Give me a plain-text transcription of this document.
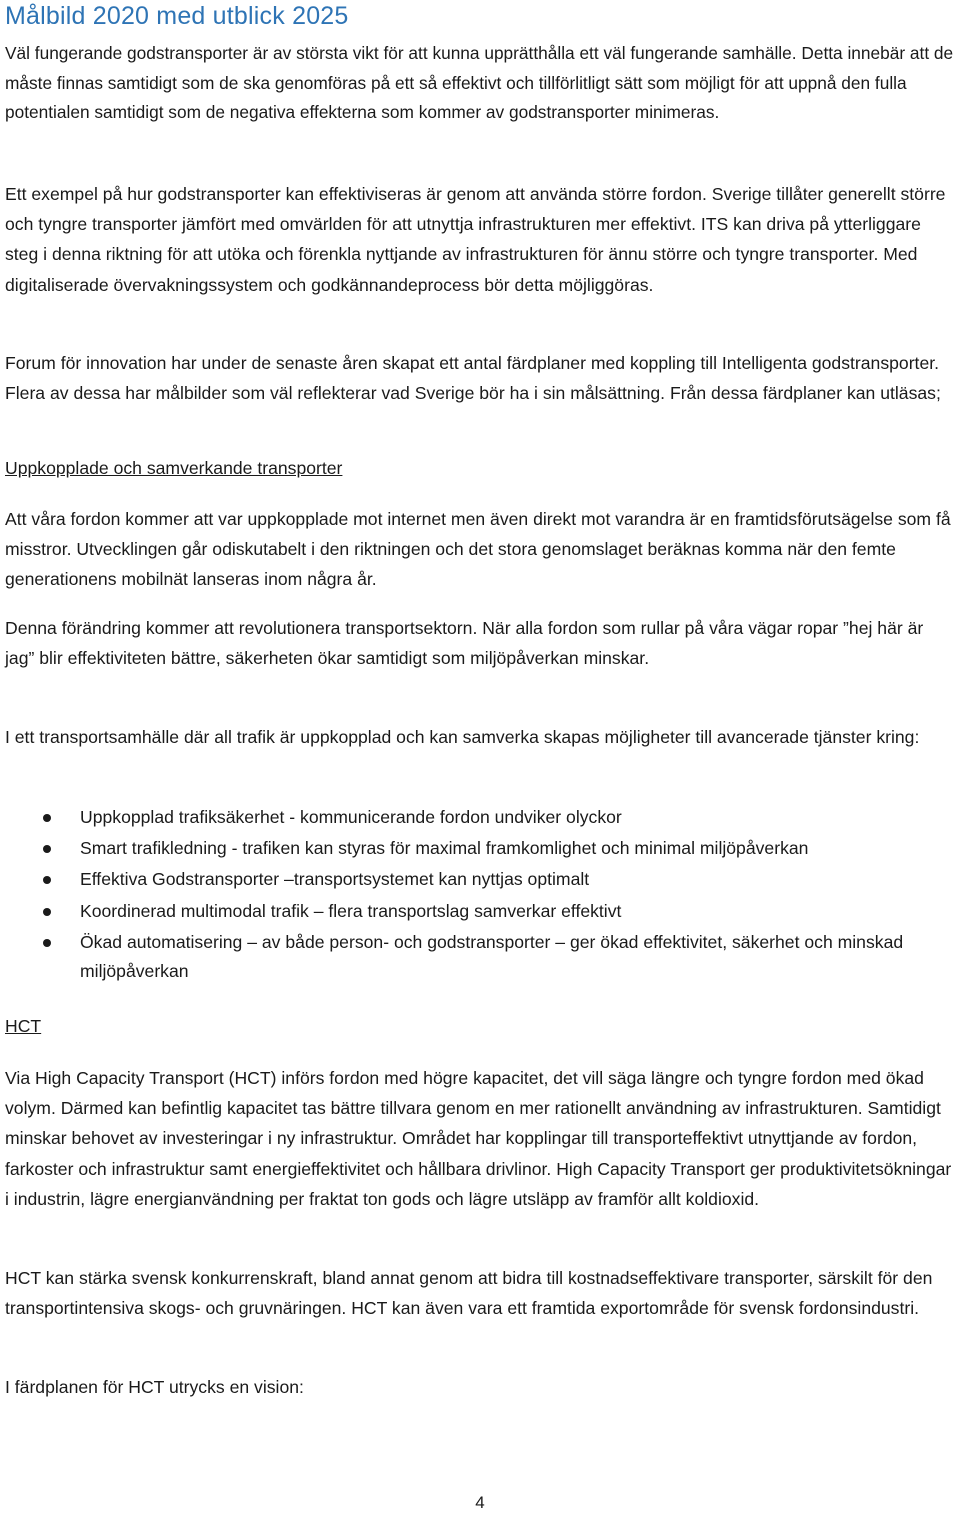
Målbild 2020 med utblick 2025

Väl fungerande godstransporter är av största vikt för att kunna upprätthålla ett väl fungerande samhälle. Detta innebär att de måste finnas samtidigt som de ska genomföras på ett så effektivt och tillförlitligt sätt som möjligt för att uppnå den fulla potentialen samtidigt som de negativa effekterna som kommer av godstransporter minimeras.

Ett exempel på hur godstransporter kan effektiviseras är genom att använda större fordon. Sverige tillåter generellt större och tyngre transporter jämfört med omvärlden för att utnyttja infrastrukturen mer effektivt. ITS kan driva på ytterliggare steg i denna riktning för att utöka och förenkla nyttjande av infrastrukturen för ännu större och tyngre transporter. Med digitaliserade övervakningssystem och godkännandeprocess bör detta möjliggöras.

Forum för innovation har under de senaste åren skapat ett antal färdplaner med koppling till Intelligenta godstransporter. Flera av dessa har målbilder som väl reflekterar vad Sverige bör ha i sin målsättning. Från dessa färdplaner kan utläsas;

Uppkopplade och samverkande transporter

Att våra fordon kommer att var uppkopplade mot internet men även direkt mot varandra är en framtidsförutsägelse som få misstror. Utvecklingen går odiskutabelt i den riktningen och det stora genomslaget beräknas komma när den femte generationens mobilnät lanseras inom några år.

Denna förändring kommer att revolutionera transportsektorn. När alla fordon som rullar på våra vägar ropar ”hej här är jag” blir effektiviteten bättre, säkerheten ökar samtidigt som miljöpåverkan minskar.

I ett transportsamhälle där all trafik är uppkopplad och kan samverka skapas möjligheter till avancerade tjänster kring:

Uppkopplad trafiksäkerhet - kommunicerande fordon undviker olyckor
Smart trafikledning - trafiken kan styras för maximal framkomlighet och minimal miljöpåverkan
Effektiva Godstransporter –transportsystemet kan nyttjas optimalt
Koordinerad multimodal trafik – flera transportslag samverkar effektivt
Ökad automatisering – av både person- och godstransporter – ger ökad effektivitet, säkerhet och minskad miljöpåverkan
HCT

Via High Capacity Transport (HCT) införs fordon med högre kapacitet, det vill säga längre och tyngre fordon med ökad volym. Därmed kan befintlig kapacitet tas bättre tillvara genom en mer rationellt användning av infrastrukturen. Samtidigt minskar behovet av investeringar i ny infrastruktur. Området har kopplingar till transporteffektivt utnyttjande av fordon, farkoster och infrastruktur samt energieffektivitet och hållbara drivlinor. High Capacity Transport ger produktivitetsökningar i industrin, lägre energianvändning per fraktat ton gods och lägre utsläpp av framför allt koldioxid.

HCT kan stärka svensk konkurrenskraft, bland annat genom att bidra till kostnadseffektivare transporter, särskilt för den transportintensiva skogs- och gruvnäringen. HCT kan även vara ett framtida exportområde för svensk fordonsindustri.

I färdplanen för HCT utrycks en vision:

4
